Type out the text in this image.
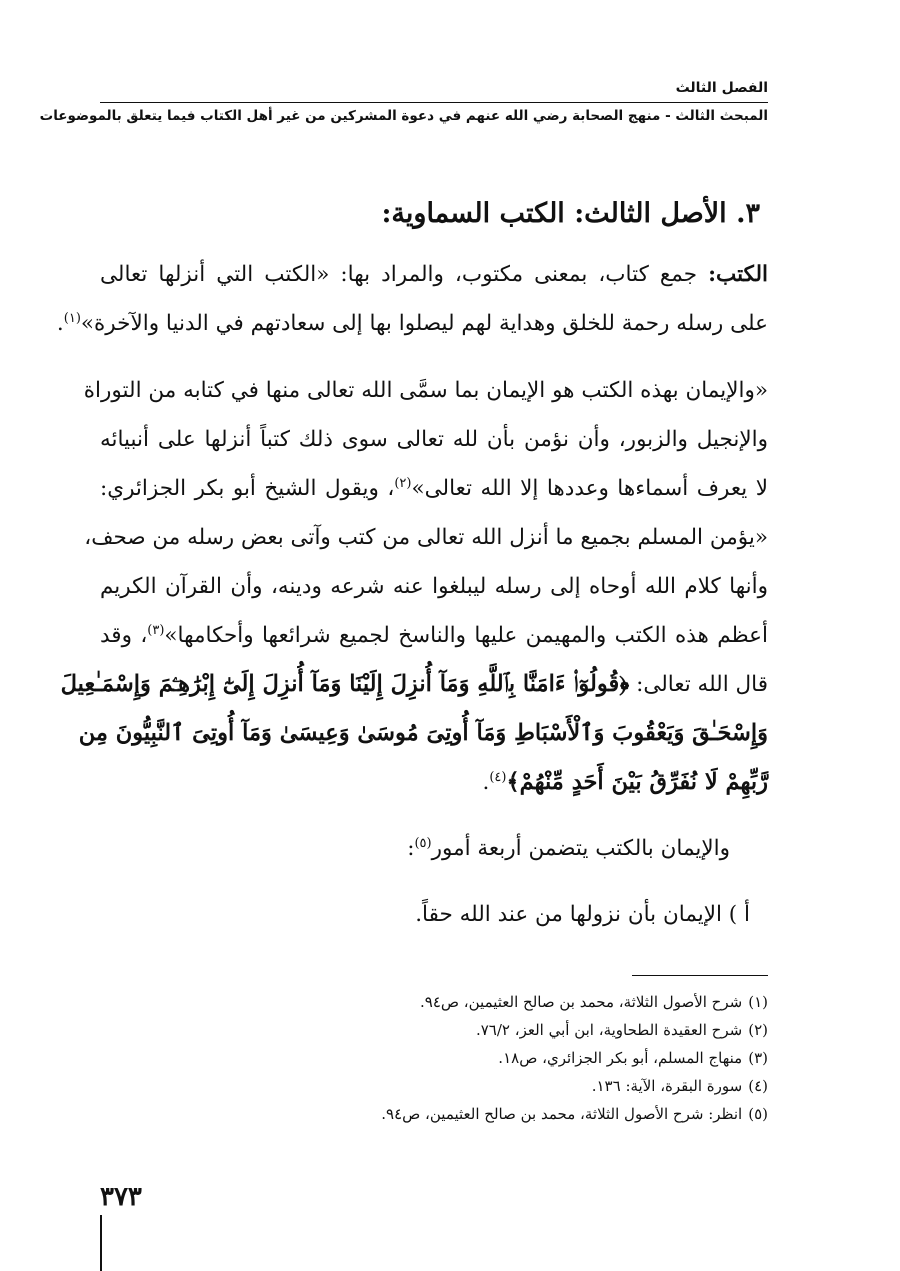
الفصل الثالث
المبحث الثالث - منهج الصحابة رضي الله عنهم في دعوة المشركين من غير أهل الكتاب فيما يتعلق بالموضوعات
٣. الأصل الثالث: الكتب السماوية:
الكتب: جمع كتاب، بمعنى مكتوب، والمراد بها: «الكتب التي أنزلها تعالى
على رسله رحمة للخلق وهداية لهم ليصلوا بها إلى سعادتهم في الدنيا والآخرة»$^{(١)}$.
«والإيمان بهذه الكتب هو الإيمان بما سمَّى الله تعالى منها في كتابه من التوراة
والإنجيل والزبور، وأن نؤمن بأن لله تعالى سوى ذلك كتباً أنزلها على أنبيائه
لا يعرف أسماءها وعددها إلا الله تعالى»$^{(٢)}$، ويقول الشيخ أبو بكر الجزائري:
«يؤمن المسلم بجميع ما أنزل الله تعالى من كتب وآتى بعض رسله من صحف،
وأنها كلام الله أوحاه إلى رسله ليبلغوا عنه شرعه ودينه، وأن القرآن الكريم
أعظم هذه الكتب والمهيمن عليها والناسخ لجميع شرائعها وأحكامها»$^{(٣)}$، وقد
قال الله تعالى: ﴿قُولُوٓا۟ ءَامَنَّا بِٱللَّهِ وَمَآ أُنزِلَ إِلَيْنَا وَمَآ أُنزِلَ إِلَىٰٓ إِبْرَٰهِـۧمَ وَإِسْمَـٰعِيلَ
وَإِسْحَـٰقَ وَيَعْقُوبَ وَٱلْأَسْبَاطِ وَمَآ أُوتِىَ مُوسَىٰ وَعِيسَىٰ وَمَآ أُوتِىَ ٱلنَّبِيُّونَ مِن
رَّبِّهِمْ لَا نُفَرِّقُ بَيْنَ أَحَدٍ مِّنْهُمْ﴾$^{(٤)}$.
والإيمان بالكتب يتضمن أربعة أمور$^{(٥)}$:
أ ) الإيمان بأن نزولها من عند الله حقاً.
(١)شرح الأصول الثلاثة، محمد بن صالح العثيمين، ص٩٤.
(٢)شرح العقيدة الطحاوية، ابن أبي العز، ٧٦/٢.
(٣)منهاج المسلم، أبو بكر الجزائري، ص١٨.
(٤)سورة البقرة، الآية: ١٣٦.
(٥)انظر: شرح الأصول الثلاثة، محمد بن صالح العثيمين، ص٩٤.
٣٧٣
